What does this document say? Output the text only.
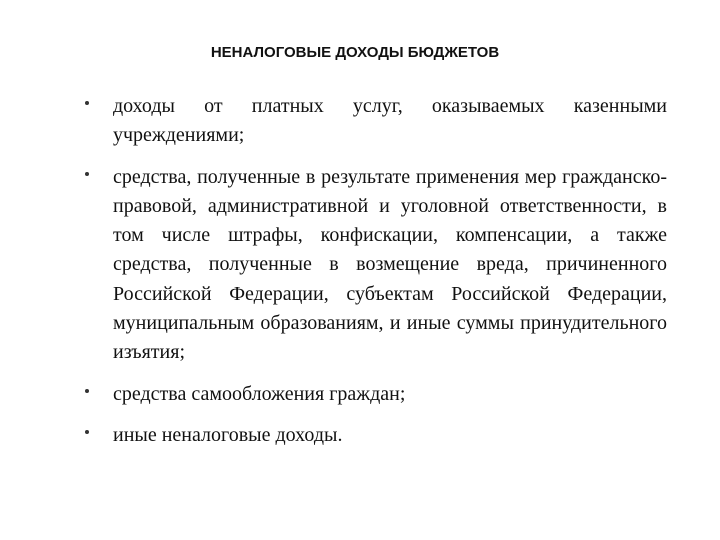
НЕНАЛОГОВЫЕ ДОХОДЫ БЮДЖЕТОВ
доходы от платных услуг, оказываемых казенными учреждениями;
средства, полученные в результате применения мер гражданско-правовой, административной и уголовной ответственности, в том числе штрафы, конфискации, компенсации, а также средства, полученные в возмещение вреда, причиненного Российской Федерации, субъектам Российской Федерации, муниципальным образованиям, и иные суммы принудительного изъятия;
средства самообложения граждан;
иные неналоговые доходы.
